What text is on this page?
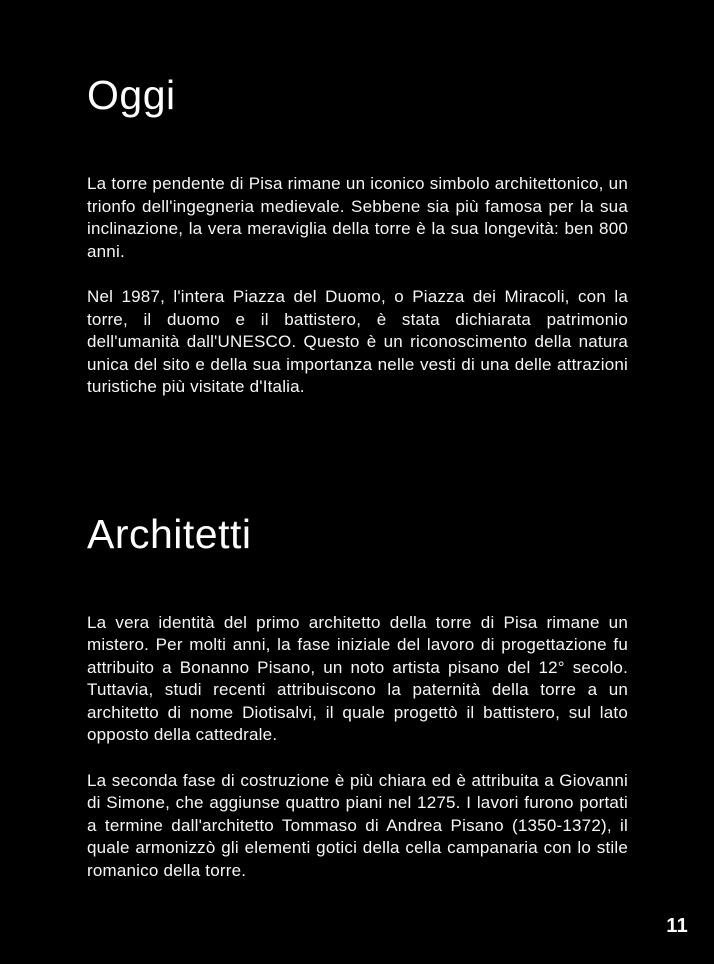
Oggi

La torre pendente di Pisa rimane un iconico simbolo architettonico, un trionfo dell'ingegneria medievale. Sebbene sia più famosa per la sua inclinazione, la vera meraviglia della torre è la sua longevità: ben 800 anni.

Nel 1987, l'intera Piazza del Duomo, o Piazza dei Miracoli, con la torre, il duomo e il battistero, è stata dichiarata patrimonio dell'umanità dall'UNESCO. Questo è un riconoscimento della natura unica del sito e della sua importanza nelle vesti di una delle attrazioni turistiche più visitate d'Italia.

Architetti

La vera identità del primo architetto della torre di Pisa rimane un mistero. Per molti anni, la fase iniziale del lavoro di progettazione fu attribuito a Bonanno Pisano, un noto artista pisano del 12° secolo. Tuttavia, studi recenti attribuiscono la paternità della torre a un architetto di nome Diotisalvi, il quale progettò il battistero, sul lato opposto della cattedrale.

La seconda fase di costruzione è più chiara ed è attribuita a Giovanni di Simone, che aggiunse quattro piani nel 1275. I lavori furono portati a termine dall'architetto Tommaso di Andrea Pisano (1350-1372), il quale armonizzò gli elementi gotici della cella campanaria con lo stile romanico della torre.

11
